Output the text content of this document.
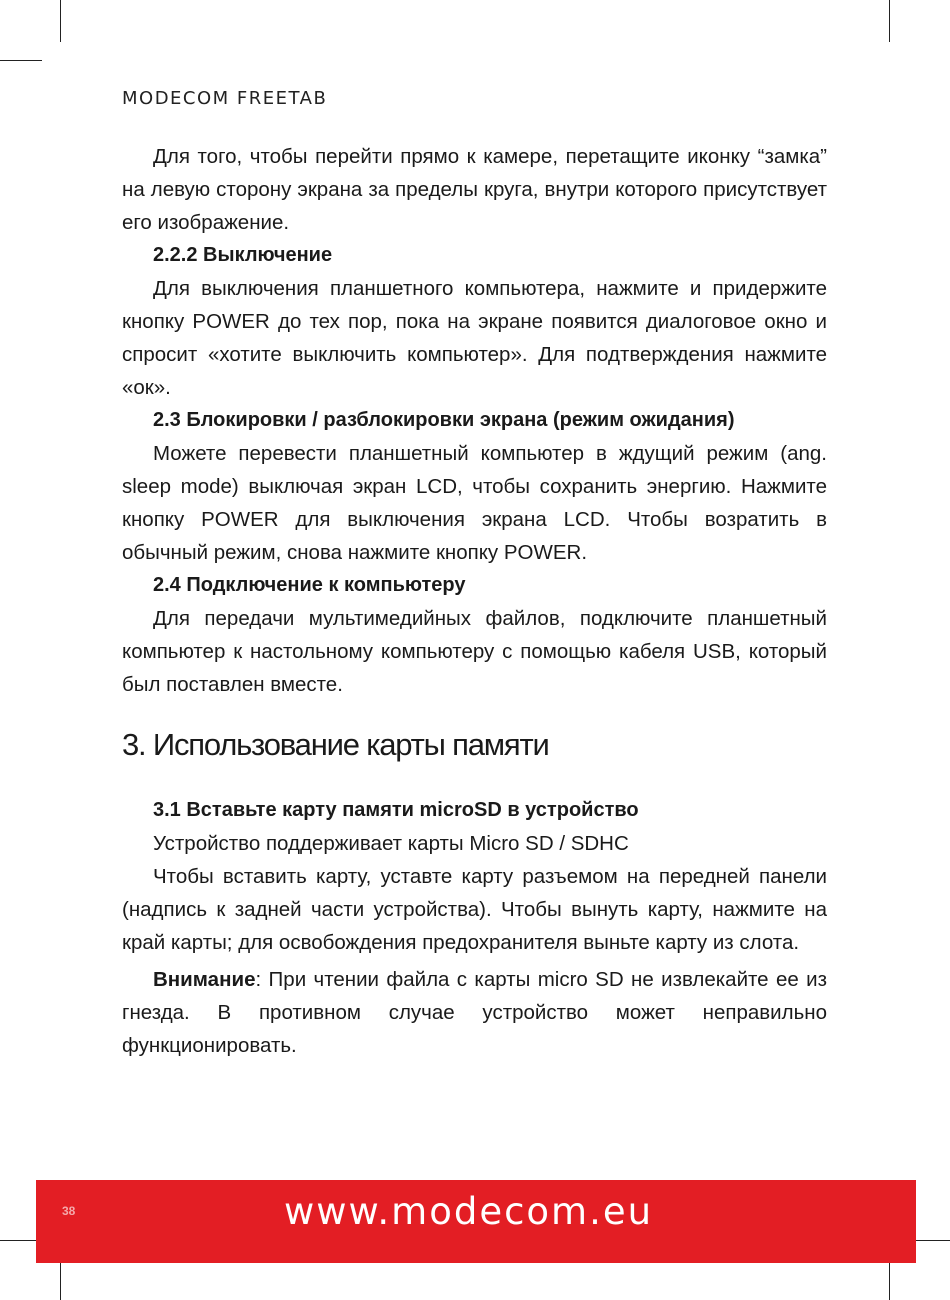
MODECOM FREETAB

Для того, чтобы перейти прямо к камере, перетащите иконку “замка” на левую сторону экрана за пределы круга, внутри которого присутствует его изображение.

2.2.2 Выключение

Для выключения планшетного компьютера, нажмите и придержите кнопку POWER до тех пор, пока на экране появится диалоговое окно и спросит «хотите выключить компьютер». Для подтверждения нажмите «ок».

2.3 Блокировки / разблокировки экрана (режим ожидания)

Можете перевести планшетный компьютер в ждущий режим (ang. sleep mode) выключая экран LCD, чтобы сохранить энергию. Нажмите кнопку POWER для выключения экрана LCD. Чтобы возратить в обычный режим, снова нажмите кнопку POWER.

2.4 Подключение к компьютеру

Для передачи мультимедийных файлов, подключите планшетный компьютер к настольному компьютеру с помощью кабеля USB, который был поставлен вместе.

3. Использование карты памяти
3.1 Вставьте карту памяти microSD в устройство

Устройство поддерживает карты Micro SD / SDHC

Чтобы вставить карту, уставте карту разъемом на передней панели (надпись к задней части устройства). Чтобы вынуть карту, нажмите на край карты; для освобождения предохранителя выньте карту из слота.

Внимание: При чтении файла с карты micro SD не извлекайте ее из гнезда. В противном случае устройство может неправильно функционировать.

38	www.modecom.eu
